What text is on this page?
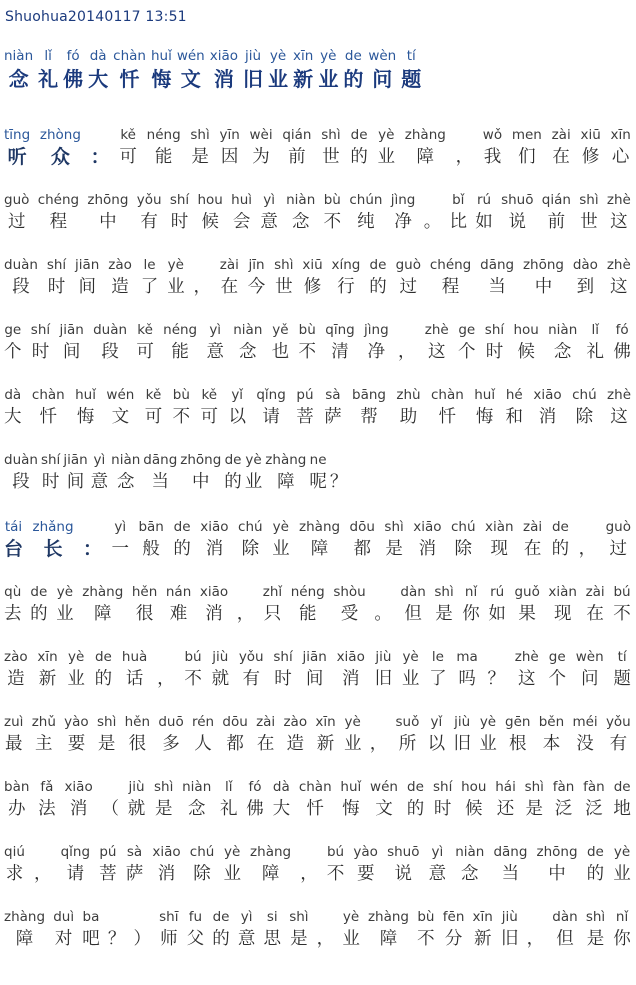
Shuohua20140117 13:51
niàn
念
lǐ
礼
fó
佛
dà
大
chàn
忏
huǐ
悔
wén
文
xiāo
消
jiù
旧
yè
业
xīn
新
yè
业
de
的
wèn
问
tí
题
tīng
听
zhòng
众 ：
kě
可
néng
能
shì
是
yīn
因
wèi
为
qián
前
shì
世
de
的
yè
业
zhàng
障 ，
wǒ
我
men
们
zài
在
xiū
修
xīn
心
guò
过
chéng
程
zhōng
中
yǒu
有
shí
时
hou
候
huì
会
yì
意
niàn
念
bù
不
chún
纯
jìng
净 。
bǐ
比
rú
如
shuō
说
qián
前
shì
世
zhè
这
duàn
段
shí
时
jiān
间
zào
造
le
了
yè
业 ，
zài
在
jīn
今
shì
世
xiū
修
xíng
行
de
的
guò
过
chéng
程
dāng
当
zhōng
中
dào
到
zhè
这
ge
个
shí
时
jiān
间
duàn
段
kě
可
néng
能
yì
意
niàn
念
yě
也
bù
不
qīng
清
jìng
净 ，
zhè
这
ge
个
shí
时
hou
候
niàn
念
lǐ
礼
fó
佛
dà
大
chàn
忏
huǐ
悔
wén
文
kě
可
bù
不
kě
可
yǐ
以
qǐng
请
pú
菩
sà
萨
bāng
帮
zhù
助
chàn
忏
huǐ
悔
hé
和
xiāo
消
chú
除
zhè
这
duàn
段
shí
时
jiān
间
yì
意
niàn
念
dāng
当
zhōng
中
de
的
yè
业
zhàng
障
ne
呢 ？
tái
台
zhǎng
长 ：
yì
一
bān
般
de
的
xiāo
消
chú
除
yè
业
zhàng
障
dōu
都
shì
是
xiāo
消
chú
除
xiàn
现
zài
在
de
的 ，
guò
过
qù
去
de
的
yè
业
zhàng
障
hěn
很
nán
难
xiāo
消 ，
zhǐ
只
néng
能
shòu
受 。
dàn
但
shì
是
nǐ
你
rú
如
guǒ
果
xiàn
现
zài
在
bú
不
zào
造
xīn
新
yè
业
de
的
huà
话 ，
bú
不
jiù
就
yǒu
有
shí
时
jiān
间
xiāo
消
jiù
旧
yè
业
le
了
ma
吗 ？
zhè
这
ge
个
wèn
问
tí
题
zuì
最
zhǔ
主
yào
要
shì
是
hěn
很
duō
多
rén
人
dōu
都
zài
在
zào
造
xīn
新
yè
业 ，
suǒ
所
yǐ
以
jiù
旧
yè
业
gēn
根
běn
本
méi
没
yǒu
有
bàn
办
fǎ
法
xiāo
消 （
jiù
就
shì
是
niàn
念
lǐ
礼
fó
佛
dà
大
chàn
忏
huǐ
悔
wén
文
de
的
shí
时
hou
候
hái
还
shì
是
fàn
泛
fàn
泛
de
地
qiú
求 ，
qǐng
请
pú
菩
sà
萨
xiāo
消
chú
除
yè
业
zhàng
障 ，
bú
不
yào
要
shuō
说
yì
意
niàn
念
dāng
当
zhōng
中
de
的
yè
业
zhàng
障
duì
对
ba
吧 ？ ）
shī
师
fu
父
de
的
yì
意
si
思
shì
是 ，
yè
业
zhàng
障
bù
不
fēn
分
xīn
新
jiù
旧 ，
dàn
但
shì
是
nǐ
你
